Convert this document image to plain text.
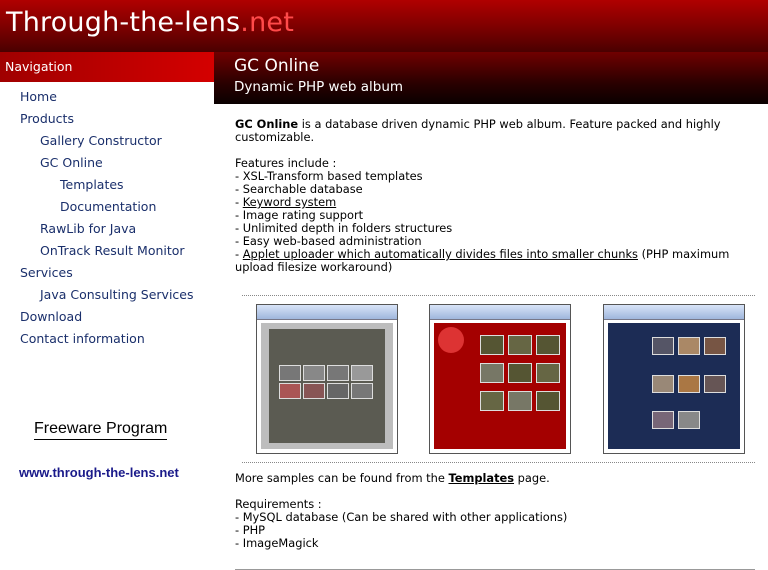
Through-the-lens.net
Navigation
Home
Products
Gallery Constructor
GC Online
Templates
Documentation
RawLib for Java
OnTrack Result Monitor
Services
Java Consulting Services
Download
Contact information
Freeware Program
www.through-the-lens.net
GC Online
Dynamic PHP web album

GC Online is a database driven dynamic PHP web album. Feature packed and highly customizable.

Features include :

- XSL-Transform based templates

- Searchable database

- Keyword system

- Image rating support

- Unlimited depth in folders structures

- Easy web-based administration

- Applet uploader which automatically divides files into smaller chunks (PHP maximum upload filesize workaround)

More samples can be found from the Templates page.

Requirements :

- MySQL database (Can be shared with other applications)

- PHP

- ImageMagick
